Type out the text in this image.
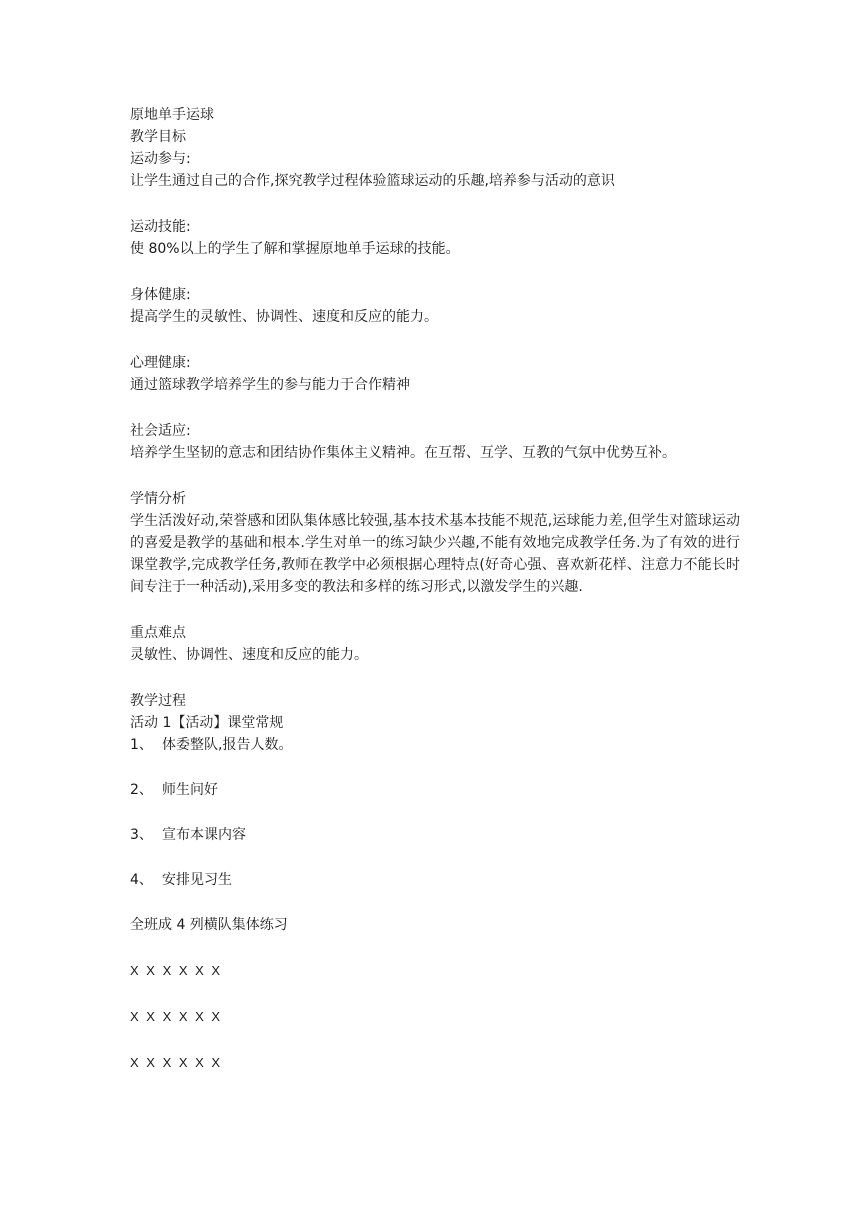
原地单手运球
教学目标
运动参与:
让学生通过自己的合作,探究教学过程体验篮球运动的乐趣,培养参与活动的意识
运动技能:
使 80%以上的学生了解和掌握原地单手运球的技能。
身体健康:
提高学生的灵敏性、协调性、速度和反应的能力。
心理健康:
通过篮球教学培养学生的参与能力于合作精神
社会适应:
培养学生坚韧的意志和团结协作集体主义精神。在互帮、互学、互教的气氛中优势互补。
学情分析
学生活泼好动,荣誉感和团队集体感比较强,基本技术基本技能不规范,运球能力差,但学生对篮球运动的喜爱是教学的基础和根本.学生对单一的练习缺少兴趣,不能有效地完成教学任务.为了有效的进行课堂教学,完成教学任务,教师在教学中必须根据心理特点(好奇心强、喜欢新花样、注意力不能长时间专注于一种活动),采用多变的教法和多样的练习形式,以激发学生的兴趣.
重点难点
灵敏性、协调性、速度和反应的能力。
教学过程
活动 1【活动】课堂常规
1、 体委整队,报告人数。
2、 师生问好
3、 宣布本课内容
4、 安排见习生
全班成 4 列横队集体练习
X X X X X X
X X X X X X
X X X X X X
